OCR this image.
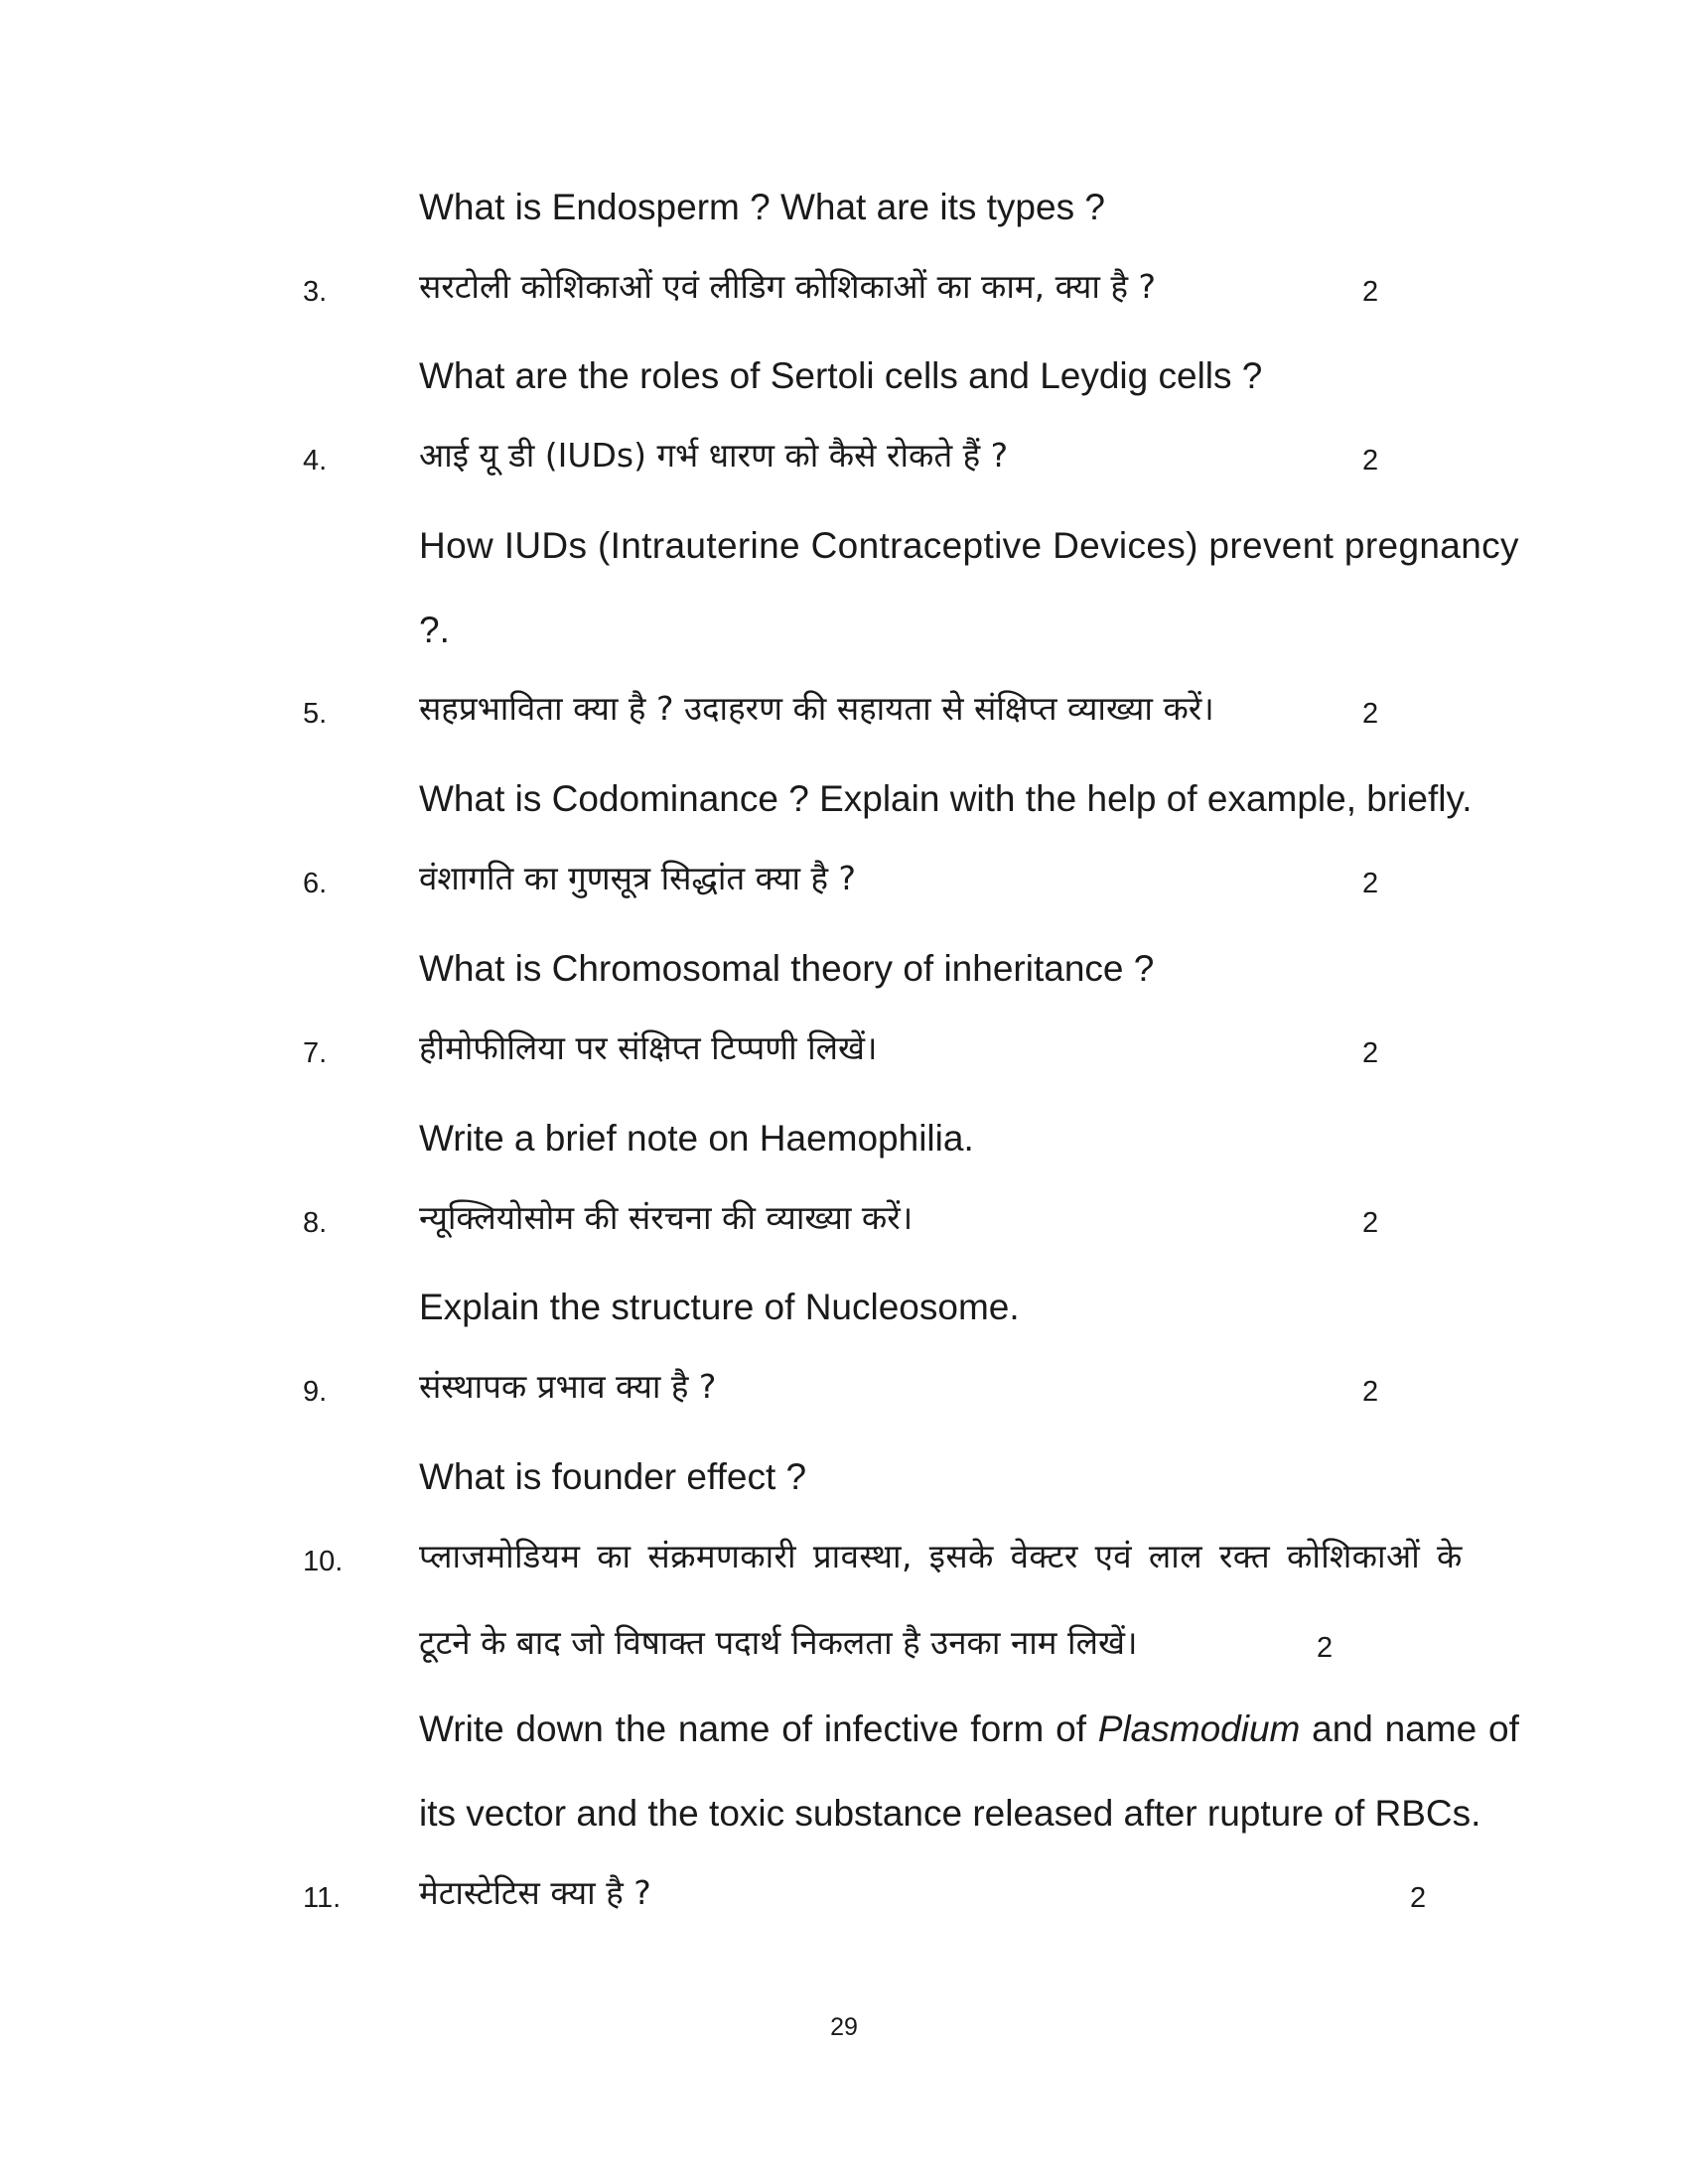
What is Endosperm ? What are its types ?
3.	सरटोली कोशिकाओं एवं लीडिग कोशिकाओं का काम, क्या है ?	2
What are the roles of Sertoli cells and Leydig cells ?
4.	आई यू डी (IUDs) गर्भ धारण को कैसे रोकते हैं ?	2
How IUDs (Intrauterine Contraceptive Devices) prevent pregnancy
?.
5.	सहप्रभाविता क्या है ? उदाहरण की सहायता से संक्षिप्त व्याख्या करें।	2
What is Codominance ? Explain with the help of example, briefly.
6.	वंशागति का गुणसूत्र सिद्धांत क्या है ?	2
What is Chromosomal theory of inheritance ?
7.	हीमोफीलिया पर संक्षिप्त टिप्पणी लिखें।	2
Write a brief note on Haemophilia.
8.	न्यूक्लियोसोम की संरचना की व्याख्या करें।	2
Explain the structure of Nucleosome.
9.	संस्थापक प्रभाव क्या है ?	2
What is founder effect ?
10. प्लाजमोडियम का संक्रमणकारी प्रावस्था, इसके वेक्टर एवं लाल रक्त कोशिकाओं के
टूटने के बाद जो विषाक्त पदार्थ निकलता है उनका नाम लिखें।	2
Write down the name of infective form of Plasmodium and name of
its vector and the toxic substance released after rupture of RBCs.
11. मेटास्टेटिस क्या है ?	2
29
